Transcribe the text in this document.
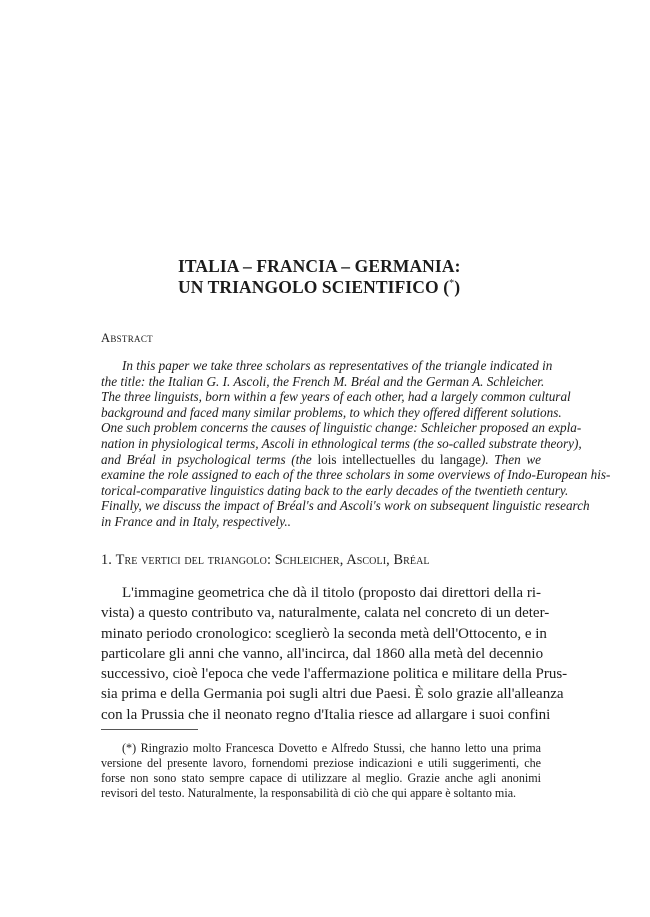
ITALIA – FRANCIA – GERMANIA:
UN TRIANGOLO SCIENTIFICO (*)
Abstract
In this paper we take three scholars as representatives of the triangle indicated in
the title: the Italian G. I. Ascoli, the French M. Bréal and the German A. Schleicher.
The three linguists, born within a few years of each other, had a largely common cultural
background and faced many similar problems, to which they offered different solutions.
One such problem concerns the causes of linguistic change: Schleicher proposed an expla-
nation in physiological terms, Ascoli in ethnological terms (the so-called substrate theory),
and Bréal in psychological terms (the lois intellectuelles du langage). Then we
examine the role assigned to each of the three scholars in some overviews of Indo-European his-
torical-comparative linguistics dating back to the early decades of the twentieth century.
Finally, we discuss the impact of Bréal's and Ascoli's work on subsequent linguistic research
in France and in Italy, respectively..
1. Tre vertici del triangolo: Schleicher, Ascoli, Bréal
L'immagine geometrica che dà il titolo (proposto dai direttori della ri-
vista) a questo contributo va, naturalmente, calata nel concreto di un deter-
minato periodo cronologico: sceglierò la seconda metà dell'Ottocento, e in
particolare gli anni che vanno, all'incirca, dal 1860 alla metà del decennio
successivo, cioè l'epoca che vede l'affermazione politica e militare della Prus-
sia prima e della Germania poi sugli altri due Paesi. È solo grazie all'alleanza
con la Prussia che il neonato regno d'Italia riesce ad allargare i suoi confini
(*) Ringrazio molto Francesca Dovetto e Alfredo Stussi, che hanno letto una prima
versione del presente lavoro, fornendomi preziose indicazioni e utili suggerimenti, che
forse non sono stato sempre capace di utilizzare al meglio. Grazie anche agli anonimi
revisori del testo. Naturalmente, la responsabilità di ciò che qui appare è soltanto mia.
